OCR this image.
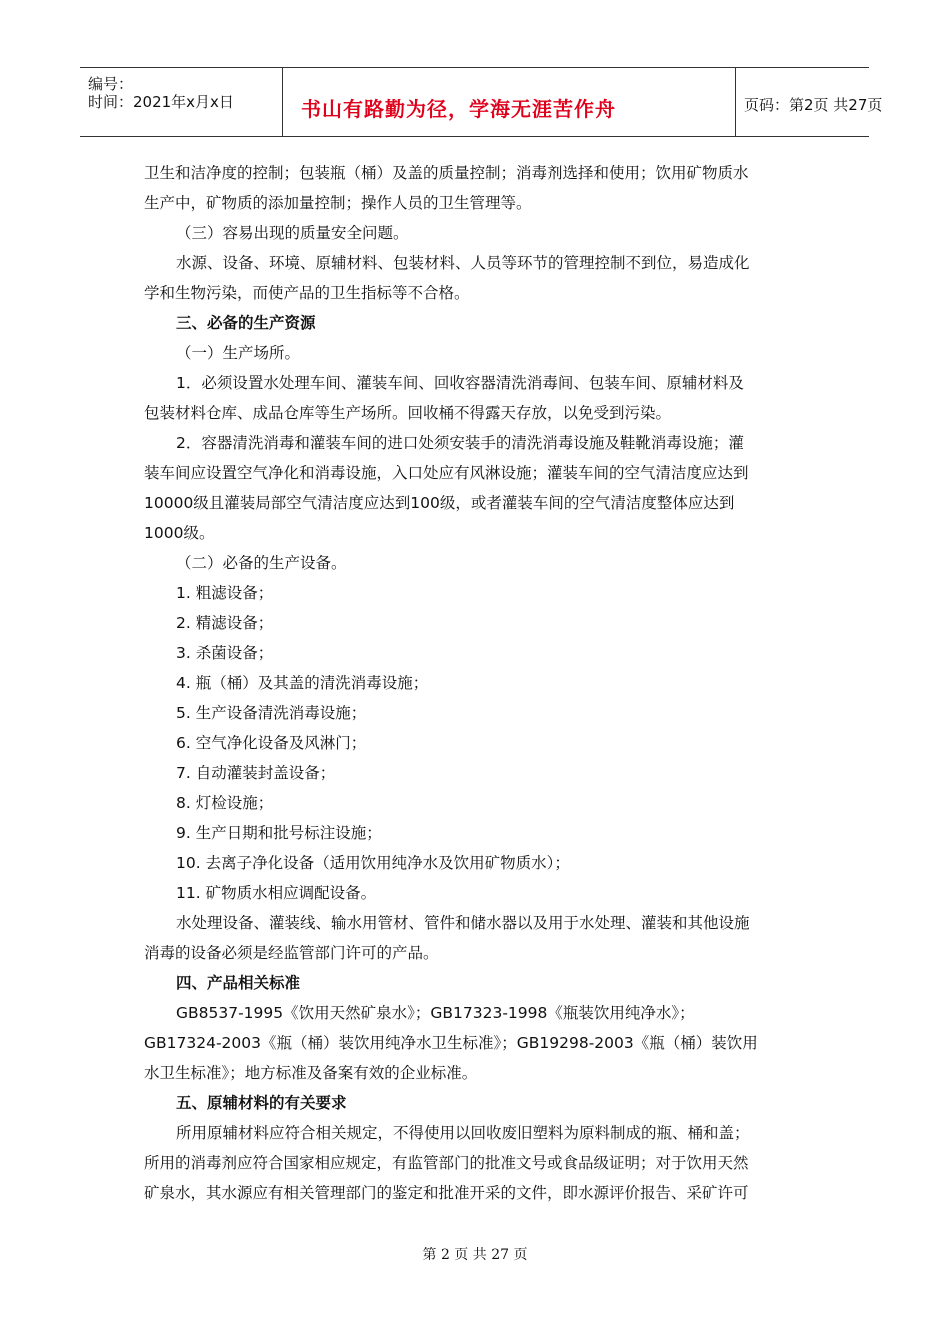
编号：
时间：2021年x月x日	书山有路勤为径，学海无涯苦作舟	页码：第2页 共27页
卫生和洁净度的控制；包装瓶（桶）及盖的质量控制；消毒剂选择和使用；饮用矿物质水
生产中，矿物质的添加量控制；操作人员的卫生管理等。
（三）容易出现的质量安全问题。
水源、设备、环境、原辅材料、包装材料、人员等环节的管理控制不到位，易造成化
学和生物污染，而使产品的卫生指标等不合格。
三、必备的生产资源
（一）生产场所。
1．必须设置水处理车间、灌装车间、回收容器清洗消毒间、包装车间、原辅材料及
包装材料仓库、成品仓库等生产场所。回收桶不得露天存放，以免受到污染。
2．容器清洗消毒和灌装车间的进口处须安装手的清洗消毒设施及鞋靴消毒设施；灌
装车间应设置空气净化和消毒设施，入口处应有风淋设施；灌装车间的空气清洁度应达到
10000级且灌装局部空气清洁度应达到100级，或者灌装车间的空气清洁度整体应达到
1000级。
（二）必备的生产设备。
1. 粗滤设备；
2. 精滤设备；
3. 杀菌设备；
4. 瓶（桶）及其盖的清洗消毒设施；
5. 生产设备清洗消毒设施；
6. 空气净化设备及风淋门；
7. 自动灌装封盖设备；
8. 灯检设施；
9. 生产日期和批号标注设施；
10. 去离子净化设备（适用饮用纯净水及饮用矿物质水）；
11. 矿物质水相应调配设备。
水处理设备、灌装线、输水用管材、管件和储水器以及用于水处理、灌装和其他设施
消毒的设备必须是经监管部门许可的产品。
四、产品相关标准
GB8537-1995《饮用天然矿泉水》；GB17323-1998《瓶装饮用纯净水》；
GB17324-2003《瓶（桶）装饮用纯净水卫生标准》；GB19298-2003《瓶（桶）装饮用
水卫生标准》；地方标准及备案有效的企业标准。
五、原辅材料的有关要求
所用原辅材料应符合相关规定，不得使用以回收废旧塑料为原料制成的瓶、桶和盖；
所用的消毒剂应符合国家相应规定，有监管部门的批准文号或食品级证明；对于饮用天然
矿泉水，其水源应有相关管理部门的鉴定和批准开采的文件，即水源评价报告、采矿许可
第 2 页 共 27 页
